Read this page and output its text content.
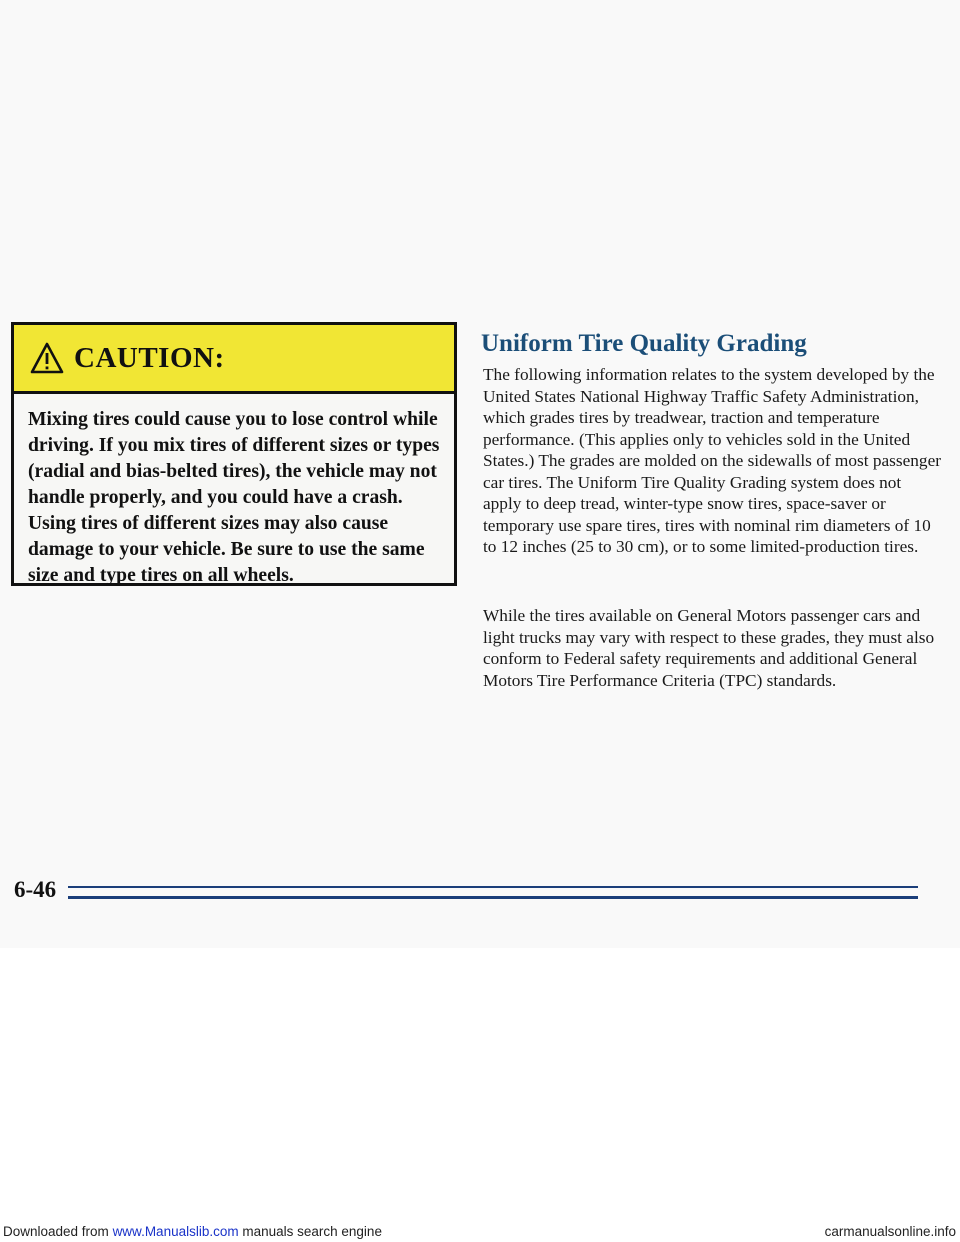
CAUTION:
Mixing tires could cause you to lose control while driving. If you mix tires of different sizes or types (radial and bias-belted tires), the vehicle may not handle properly, and you could have a crash. Using tires of different sizes may also cause damage to your vehicle. Be sure to use the same size and type tires on all wheels.
Uniform Tire Quality Grading

The following information relates to the system developed by the United States National Highway Traffic Safety Administration, which grades tires by treadwear, traction and temperature performance. (This applies only to vehicles sold in the United States.) The grades are molded on the sidewalls of most passenger car tires. The Uniform Tire Quality Grading system does not apply to deep tread, winter-type snow tires, space-saver or temporary use spare tires, tires with nominal rim diameters of 10 to 12 inches (25 to 30 cm), or to some limited-production tires.

While the tires available on General Motors passenger cars and light trucks may vary with respect to these grades, they must also conform to Federal safety requirements and additional General Motors Tire Performance Criteria (TPC) standards.

6-46
Downloaded from www.Manualslib.com manuals search engine	carmanualsonline.info
